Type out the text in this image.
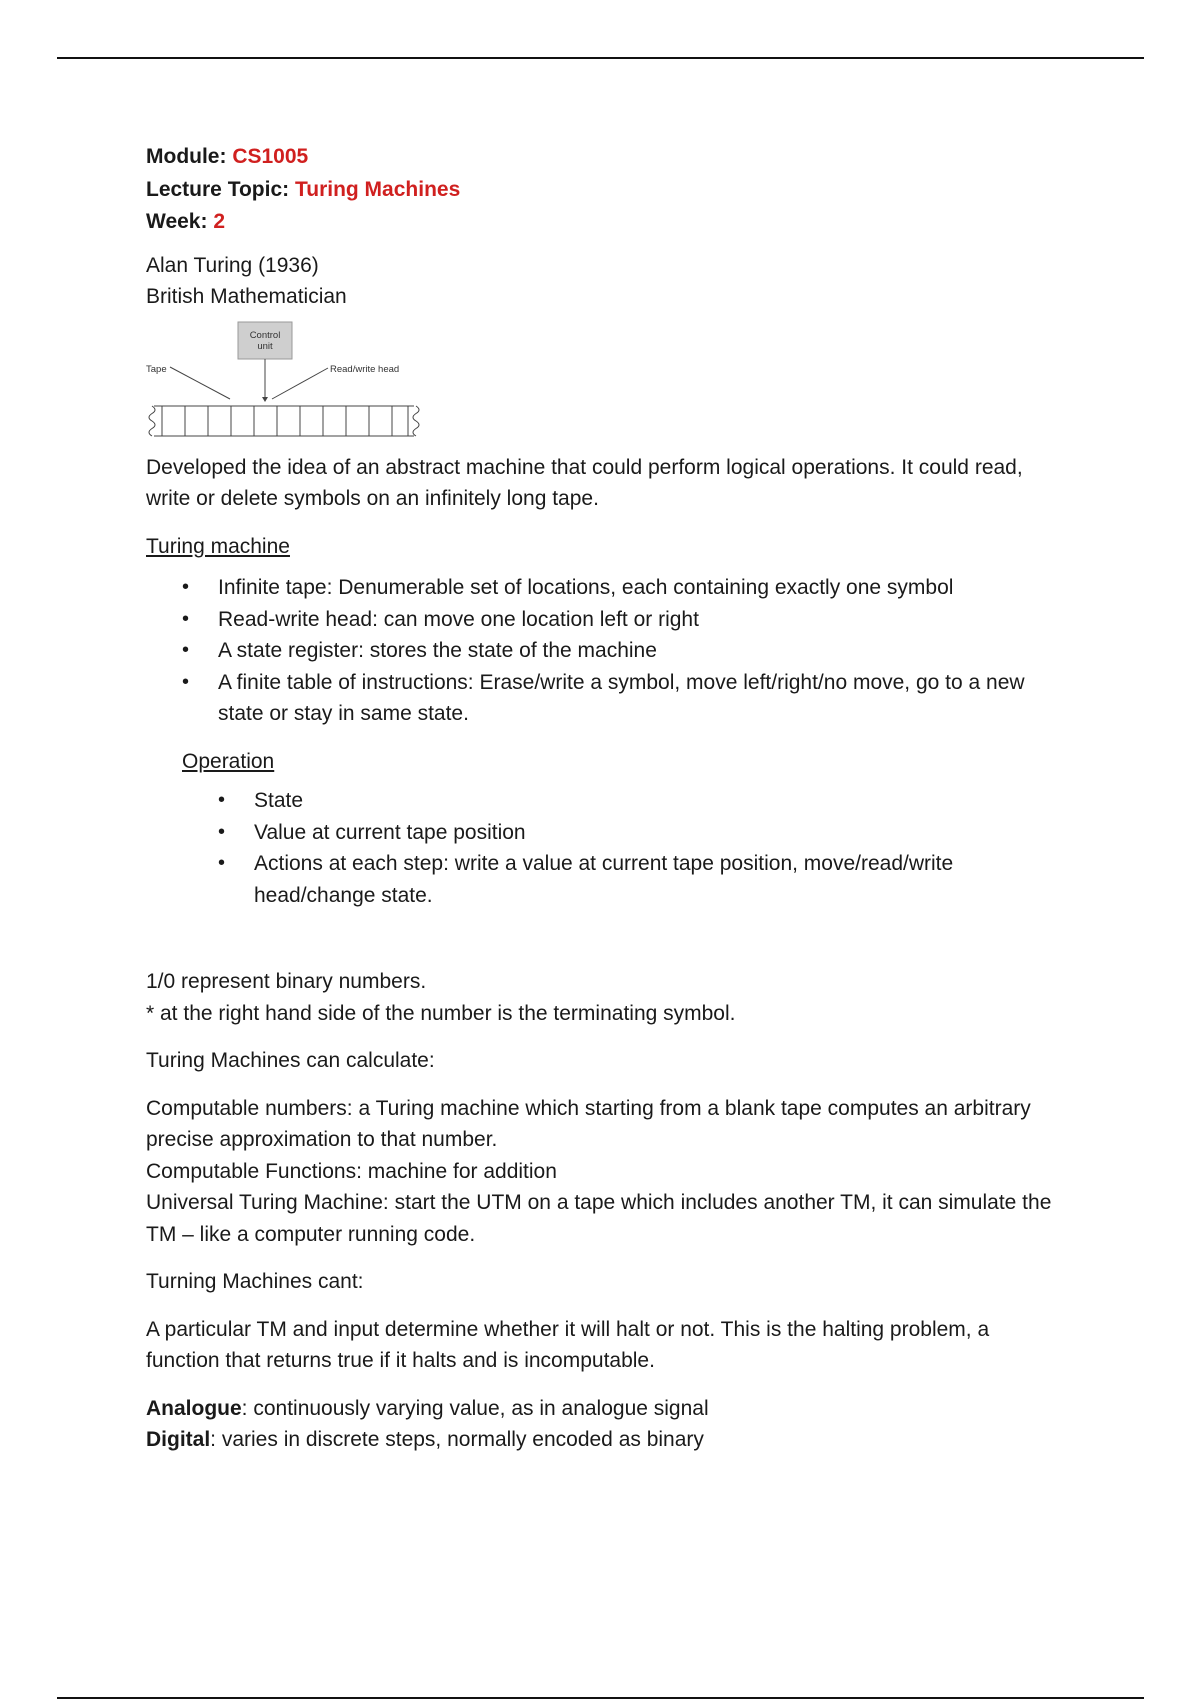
Module: CS1005
Lecture Topic: Turing Machines
Week: 2

Alan Turing (1936)

British Mathematician

Control
unit
Tape	Read/write head

Developed the idea of an abstract machine that could perform logical operations. It could read, write or delete symbols on an infinitely long tape.

Turing machine

• Infinite tape: Denumerable set of locations, each containing exactly one symbol
• Read-write head: can move one location left or right
• A state register: stores the state of the machine
• A finite table of instructions: Erase/write a symbol, move left/right/no move, go to a new state or stay in same state.

Operation

• State
• Value at current tape position
• Actions at each step: write a value at current tape position, move/read/write head/change state.

1/0 represent binary numbers.

* at the right hand side of the number is the terminating symbol.

Turing Machines can calculate:

Computable numbers: a Turing machine which starting from a blank tape computes an arbitrary precise approximation to that number.

Computable Functions: machine for addition

Universal Turing Machine: start the UTM on a tape which includes another TM, it can simulate the TM – like a computer running code.

Turning Machines cant:

A particular TM and input determine whether it will halt or not. This is the halting problem, a function that returns true if it halts and is incomputable.

Analogue: continuously varying value, as in analogue signal

Digital: varies in discrete steps, normally encoded as binary
